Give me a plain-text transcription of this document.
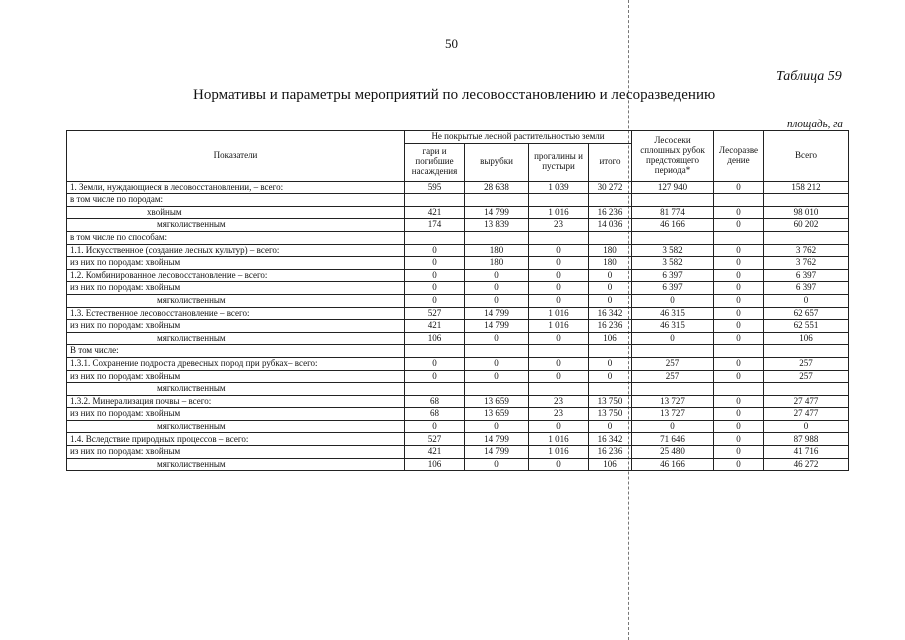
50
Таблица 59
Нормативы и параметры мероприятий по лесовосстановлению и лесоразведению
площадь, га
Показатели	Не покрытые лесной растительностью земли				Лесосеки сплошных рубок предстоящего периода*	Лесоразве дение	Всего
	гари и погибшие насаждения	вырубки	прогалины и пустыри	итого			
1. Земли, нуждающиеся в лесовосстановлении, – всего:	595	28 638	1 039	30 272	127 940	0	158 212
в том числе по породам:							
хвойным	421	14 799	1 016	16 236	81 774	0	98 010
мягколиственным	174	13 839	23	14 036	46 166	0	60 202
в том числе по способам:							
1.1. Искусственное (создание лесных культур) – всего:	0	180	0	180	3 582	0	3 762
из них по породам: хвойным	0	180	0	180	3 582	0	3 762
1.2. Комбинированное лесовосстановление – всего:	0	0	0	0	6 397	0	6 397
из них по породам: хвойным	0	0	0	0	6 397	0	6 397
мягколиственным	0	0	0	0	0	0	0
1.3. Естественное лесовосстановление – всего:	527	14 799	1 016	16 342	46 315	0	62 657
из них по породам: хвойным	421	14 799	1 016	16 236	46 315	0	62 551
мягколиственным	106	0	0	106	0	0	106
В том числе:							
1.3.1. Сохранение подроста древесных пород при рубках– всего:	0	0	0	0	257	0	257
из них по породам: хвойным	0	0	0	0	257	0	257
мягколиственным							
1.3.2. Минерализация почвы – всего:	68	13 659	23	13 750	13 727	0	27 477
из них по породам: хвойным	68	13 659	23	13 750	13 727	0	27 477
мягколиственным	0	0	0	0	0	0	0
1.4. Вследствие природных процессов – всего:	527	14 799	1 016	16 342	71 646	0	87 988
из них по породам: хвойным	421	14 799	1 016	16 236	25 480	0	41 716
мягколиственным	106	0	0	106	46 166	0	46 272
